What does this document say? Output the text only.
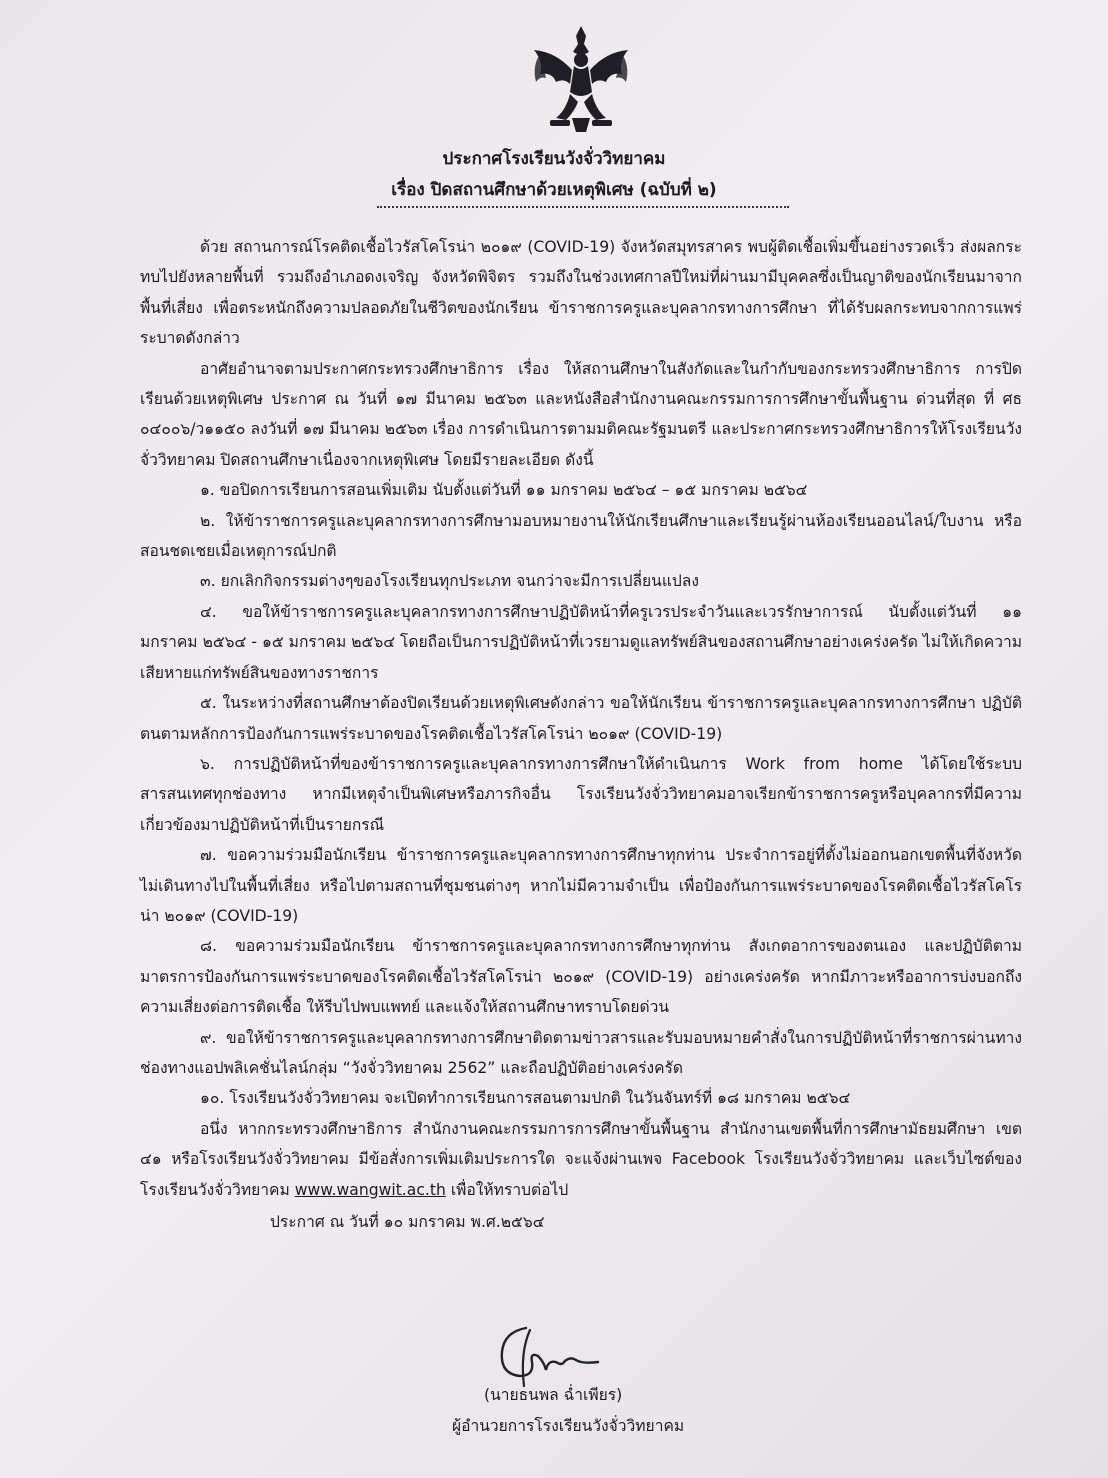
ประกาศโรงเรียนวังจั่ววิทยาคม
เรื่อง ปิดสถานศึกษาด้วยเหตุพิเศษ (ฉบับที่ ๒)

ด้วย สถานการณ์โรคติดเชื้อไวรัสโคโรน่า ๒๐๑๙ (COVID-19) จังหวัดสมุทรสาคร พบผู้ติดเชื้อเพิ่มขึ้นอย่างรวดเร็ว ส่งผลกระทบไปยังหลายพื้นที่ รวมถึงอำเภอดงเจริญ จังหวัดพิจิตร รวมถึงในช่วงเทศกาลปีใหม่ที่ผ่านมามีบุคคลซึ่งเป็นญาติของนักเรียนมาจากพื้นที่เสี่ยง เพื่อตระหนักถึงความปลอดภัยในชีวิตของนักเรียน ข้าราชการครูและบุคลากรทางการศึกษา ที่ได้รับผลกระทบจากการแพร่ระบาดดังกล่าว

อาศัยอำนาจตามประกาศกระทรวงศึกษาธิการ เรื่อง ให้สถานศึกษาในสังกัดและในกำกับของกระทรวงศึกษาธิการ การปิดเรียนด้วยเหตุพิเศษ ประกาศ ณ วันที่ ๑๗ มีนาคม ๒๕๖๓ และหนังสือสำนักงานคณะกรรมการการศึกษาขั้นพื้นฐาน ด่วนที่สุด ที่ ศธ ๐๔๐๐๖/ว๑๑๕๐ ลงวันที่ ๑๗ มีนาคม ๒๕๖๓ เรื่อง การดำเนินการตามมติคณะรัฐมนตรี และประกาศกระทรวงศึกษาธิการให้โรงเรียนวังจั่ววิทยาคม ปิดสถานศึกษาเนื่องจากเหตุพิเศษ โดยมีรายละเอียด ดังนี้

๑. ขอปิดการเรียนการสอนเพิ่มเติม นับตั้งแต่วันที่ ๑๑ มกราคม ๒๕๖๔ – ๑๕ มกราคม ๒๕๖๔

๒. ให้ข้าราชการครูและบุคลากรทางการศึกษามอบหมายงานให้นักเรียนศึกษาและเรียนรู้ผ่านห้องเรียนออนไลน์/ใบงาน หรือสอนชดเชยเมื่อเหตุการณ์ปกติ

๓. ยกเลิกกิจกรรมต่างๆของโรงเรียนทุกประเภท จนกว่าจะมีการเปลี่ยนแปลง

๔. ขอให้ข้าราชการครูและบุคลากรทางการศึกษาปฏิบัติหน้าที่ครูเวรประจำวันและเวรรักษาการณ์ นับตั้งแต่วันที่ ๑๑ มกราคม ๒๕๖๔ - ๑๕ มกราคม ๒๕๖๔ โดยถือเป็นการปฏิบัติหน้าที่เวรยามดูแลทรัพย์สินของสถานศึกษาอย่างเคร่งครัด ไม่ให้เกิดความเสียหายแก่ทรัพย์สินของทางราชการ

๕. ในระหว่างที่สถานศึกษาต้องปิดเรียนด้วยเหตุพิเศษดังกล่าว ขอให้นักเรียน ข้าราชการครูและบุคลากรทางการศึกษา ปฏิบัติตนตามหลักการป้องกันการแพร่ระบาดของโรคติดเชื้อไวรัสโคโรน่า ๒๐๑๙ (COVID-19)

๖. การปฏิบัติหน้าที่ของข้าราชการครูและบุคลากรทางการศึกษาให้ดำเนินการ Work from home ได้โดยใช้ระบบสารสนเทศทุกช่องทาง หากมีเหตุจำเป็นพิเศษหรือภารกิจอื่น โรงเรียนวังจั่ววิทยาคมอาจเรียกข้าราชการครูหรือบุคลากรที่มีความเกี่ยวข้องมาปฏิบัติหน้าที่เป็นรายกรณี

๗. ขอความร่วมมือนักเรียน ข้าราชการครูและบุคลากรทางการศึกษาทุกท่าน ประจำการอยู่ที่ตั้งไม่ออกนอกเขตพื้นที่จังหวัด ไม่เดินทางไปในพื้นที่เสี่ยง หรือไปตามสถานที่ชุมชนต่างๆ หากไม่มีความจำเป็น เพื่อป้องกันการแพร่ระบาดของโรคติดเชื้อไวรัสโคโรน่า ๒๐๑๙ (COVID-19)

๘. ขอความร่วมมือนักเรียน ข้าราชการครูและบุคลากรทางการศึกษาทุกท่าน สังเกตอาการของตนเอง และปฏิบัติตามมาตรการป้องกันการแพร่ระบาดของโรคติดเชื้อไวรัสโคโรน่า ๒๐๑๙ (COVID-19) อย่างเคร่งครัด หากมีภาวะหรืออาการบ่งบอกถึงความเสี่ยงต่อการติดเชื้อ ให้รีบไปพบแพทย์ และแจ้งให้สถานศึกษาทราบโดยด่วน

๙. ขอให้ข้าราชการครูและบุคลากรทางการศึกษาติดตามข่าวสารและรับมอบหมายคำสั่งในการปฏิบัติหน้าที่ราชการผ่านทางช่องทางแอปพลิเคชั่นไลน์กลุ่ม “วังจั่ววิทยาคม 2562” และถือปฏิบัติอย่างเคร่งครัด

๑๐. โรงเรียนวังจั่ววิทยาคม จะเปิดทำการเรียนการสอนตามปกติ ในวันจันทร์ที่ ๑๘ มกราคม ๒๕๖๔

อนึ่ง หากกระทรวงศึกษาธิการ สำนักงานคณะกรรมการการศึกษาขั้นพื้นฐาน สำนักงานเขตพื้นที่การศึกษามัธยมศึกษา เขต ๔๑ หรือโรงเรียนวังจั่ววิทยาคม มีข้อสั่งการเพิ่มเติมประการใด จะแจ้งผ่านเพจ Facebook โรงเรียนวังจั่ววิทยาคม และเว็บไซต์ของโรงเรียนวังจั่ววิทยาคม www.wangwit.ac.th เพื่อให้ทราบต่อไป

ประกาศ ณ วันที่ ๑๐ มกราคม พ.ศ.๒๕๖๔

(นายธนพล ฉ่ำเพียร)
ผู้อำนวยการโรงเรียนวังจั่ววิทยาคม
